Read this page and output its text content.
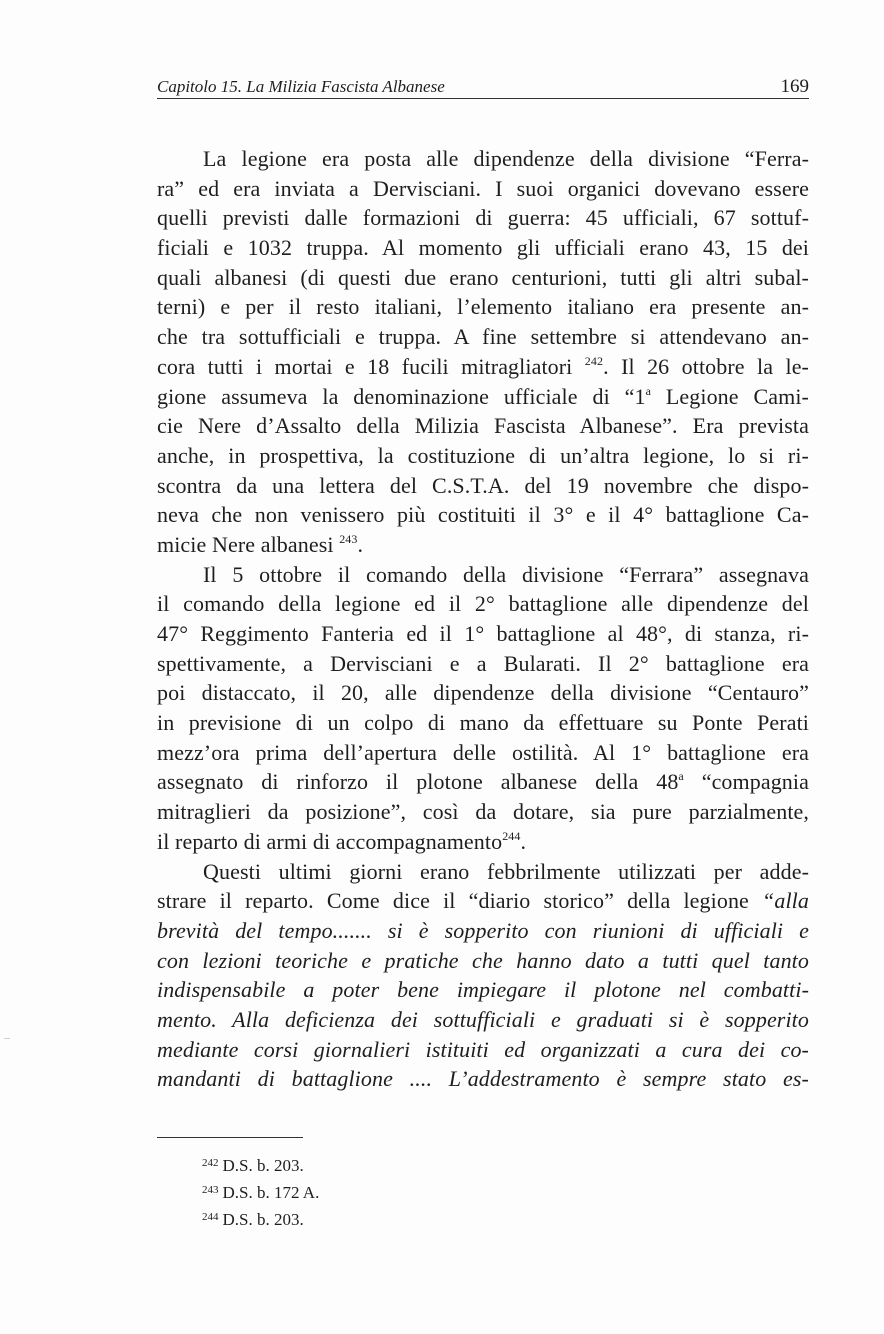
Capitolo 15. La Milizia Fascista Albanese	169
La legione era posta alle dipendenze della divisione “Ferra-
ra” ed era inviata a Dervisciani. I suoi organici dovevano essere
quelli previsti dalle formazioni di guerra: 45 ufficiali, 67 sottuf-
ficiali e 1032 truppa. Al momento gli ufficiali erano 43, 15 dei
quali albanesi (di questi due erano centurioni, tutti gli altri subal-
terni) e per il resto italiani, l’elemento italiano era presente an-
che tra sottufficiali e truppa. A fine settembre si attendevano an-
cora tutti i mortai e 18 fucili mitragliatori $^{242}$. Il 26 ottobre la le-
gione assumeva la denominazione ufficiale di “1$^a$ Legione Cami-
cie Nere d’Assalto della Milizia Fascista Albanese”. Era prevista
anche, in prospettiva, la costituzione di un’altra legione, lo si ri-
scontra da una lettera del C.S.T.A. del 19 novembre che dispo-
neva che non venissero più costituiti il 3° e il 4° battaglione Ca-
micie Nere albanesi $^{243}$.
Il 5 ottobre il comando della divisione “Ferrara” assegnava
il comando della legione ed il 2° battaglione alle dipendenze del
47° Reggimento Fanteria ed il 1° battaglione al 48°, di stanza, ri-
spettivamente, a Dervisciani e a Bularati. Il 2° battaglione era
poi distaccato, il 20, alle dipendenze della divisione “Centauro”
in previsione di un colpo di mano da effettuare su Ponte Perati
mezz’ora prima dell’apertura delle ostilità. Al 1° battaglione era
assegnato di rinforzo il plotone albanese della 48$^a$ “compagnia
mitraglieri da posizione”, così da dotare, sia pure parzialmente,
il reparto di armi di accompagnamento$^{244}$.
Questi ultimi giorni erano febbrilmente utilizzati per adde-
strare il reparto. Come dice il “diario storico” della legione “alla
brevità del tempo....... si è sopperito con riunioni di ufficiali e
con lezioni teoriche e pratiche che hanno dato a tutti quel tanto
indispensabile a poter bene impiegare il plotone nel combatti-
mento. Alla deficienza dei sottufficiali e graduati si è sopperito
mediante corsi giornalieri istituiti ed organizzati a cura dei co-
mandanti di battaglione .... L’addestramento è sempre stato es-
$^{242}$ D.S. b. 203.
$^{243}$ D.S. b. 172 A.
$^{244}$ D.S. b. 203.
